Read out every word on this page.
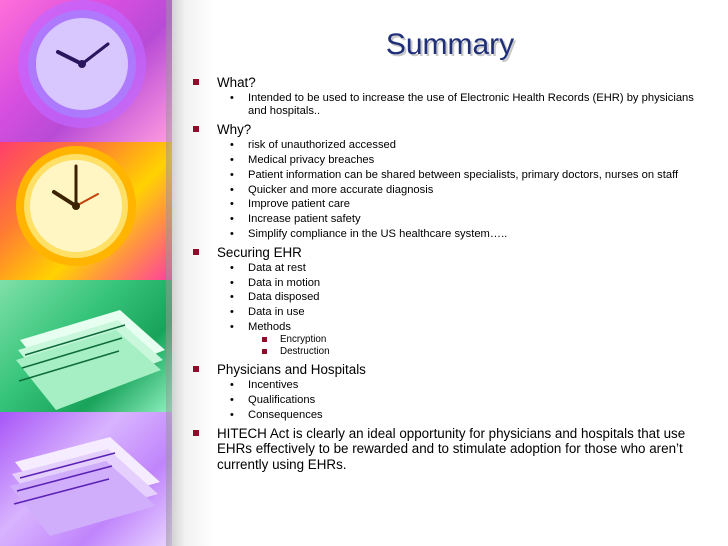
Summary
What?
• Intended to be used to increase the use of Electronic Health Records (EHR) by physicians and hospitals..
Why?
• risk of unauthorized accessed
• Medical privacy breaches
• Patient information can be shared between specialists, primary doctors, nurses on staff
• Quicker and more accurate diagnosis
• Improve patient care
• Increase patient safety
• Simplify compliance in the US healthcare system…..
Securing EHR
• Data at rest
• Data in motion
• Data disposed
• Data in use
• Methods
Encryption
Destruction
Physicians and Hospitals
• Incentives
• Qualifications
• Consequences
HITECH Act is clearly an ideal opportunity for physicians and hospitals that use EHRs effectively to be rewarded and to stimulate adoption for those who aren’t currently using EHRs.
